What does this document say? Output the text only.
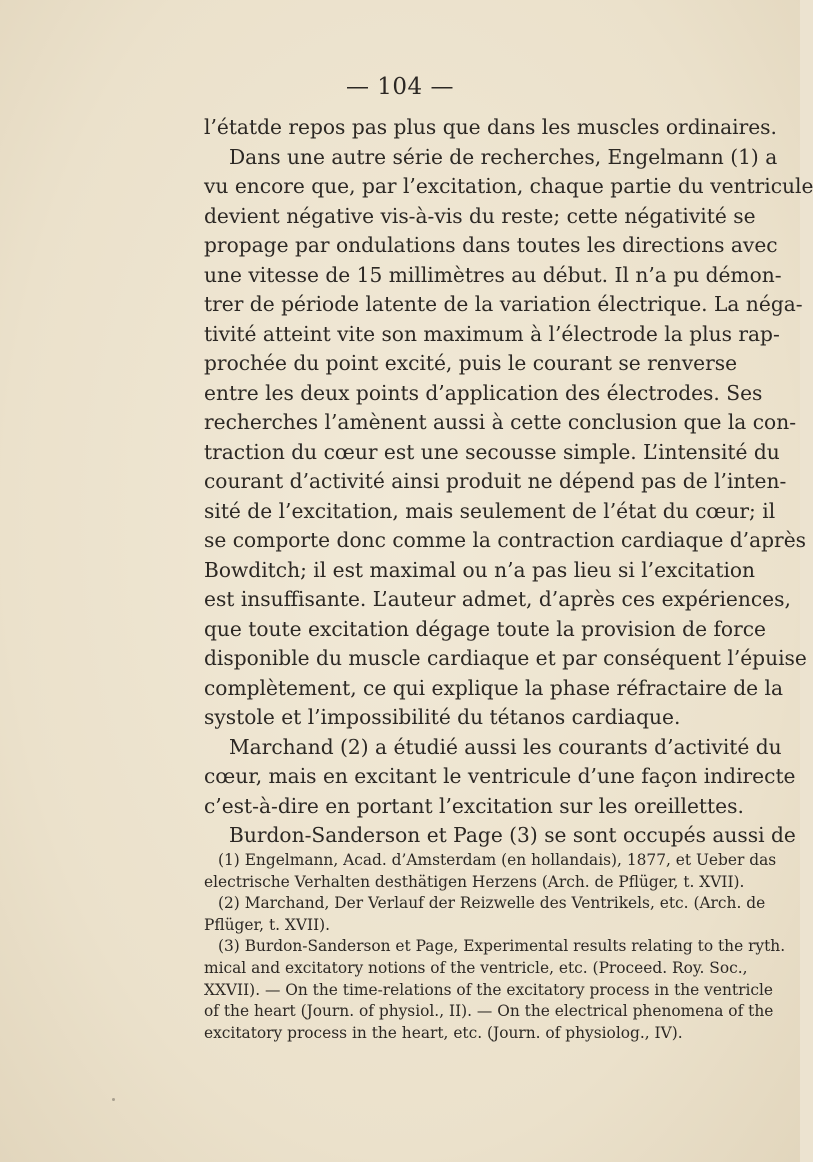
— 104 —
l’étatde repos pas plus que dans les muscles ordinaires.
Dans une autre série de recherches, Engelmann (1) a
vu encore que, par l’excitation, chaque partie du ventricule
devient négative vis-à-vis du reste; cette négativité se
propage par ondulations dans toutes les directions avec
une vitesse de 15 millimètres au début. Il n’a pu démon-
trer de période latente de la variation électrique. La néga-
tivité atteint vite son maximum à l’électrode la plus rap-
prochée du point excité, puis le courant se renverse
entre les deux points d’application des électrodes. Ses
recherches l’amènent aussi à cette conclusion que la con-
traction du cœur est une secousse simple. L’intensité du
courant d’activité ainsi produit ne dépend pas de l’inten-
sité de l’excitation, mais seulement de l’état du cœur; il
se comporte donc comme la contraction cardiaque d’après
Bowditch; il est maximal ou n’a pas lieu si l’excitation
est insuffisante. L’auteur admet, d’après ces expériences,
que toute excitation dégage toute la provision de force
disponible du muscle cardiaque et par conséquent l’épuise
complètement, ce qui explique la phase réfractaire de la
systole et l’impossibilité du tétanos cardiaque.
Marchand (2) a étudié aussi les courants d’activité du
cœur, mais en excitant le ventricule d’une façon indirecte
c’est-à-dire en portant l’excitation sur les oreillettes.
Burdon-Sanderson et Page (3) se sont occupés aussi de
(1) Engelmann, Acad. d’Amsterdam (en hollandais), 1877, et Ueber das
electrische Verhalten desthätigen Herzens (Arch. de Pflüger, t. XVII).
(2) Marchand, Der Verlauf der Reizwelle des Ventrikels, etc. (Arch. de
Pflüger, t. XVII).
(3) Burdon-Sanderson et Page, Experimental results relating to the ryth.
mical and excitatory notions of the ventricle, etc. (Proceed. Roy. Soc.,
XXVII). — On the time-relations of the excitatory process in the ventricle
of the heart (Journ. of physiol., II). — On the electrical phenomena of the
excitatory process in the heart, etc. (Journ. of physiolog., IV).
